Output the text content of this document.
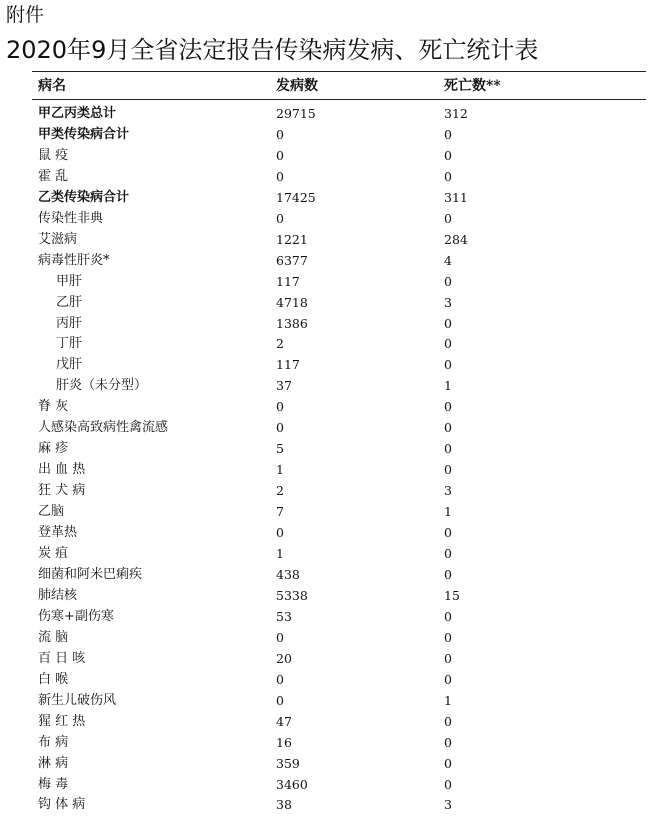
附件
2020年9月全省法定报告传染病发病、死亡统计表
病名	发病数	死亡数**
甲乙丙类总计	29715	312
甲类传染病合计	0	0
鼠 疫	0	0
霍 乱	0	0
乙类传染病合计	17425	311
传染性非典	0	0
艾滋病	1221	284
病毒性肝炎*	6377	4
甲肝	117	0
乙肝	4718	3
丙肝	1386	0
丁肝	2	0
戊肝	117	0
肝炎（未分型）	37	1
脊 灰	0	0
人感染高致病性禽流感	0	0
麻 疹	5	0
出 血 热	1	0
狂 犬 病	2	3
乙脑	7	1
登革热	0	0
炭 疽	1	0
细菌和阿米巴痢疾	438	0
肺结核	5338	15
伤寒+副伤寒	53	0
流 脑	0	0
百 日 咳	20	0
白 喉	0	0
新生儿破伤风	0	1
猩 红 热	47	0
布 病	16	0
淋 病	359	0
梅 毒	3460	0
钩 体 病	38	3
